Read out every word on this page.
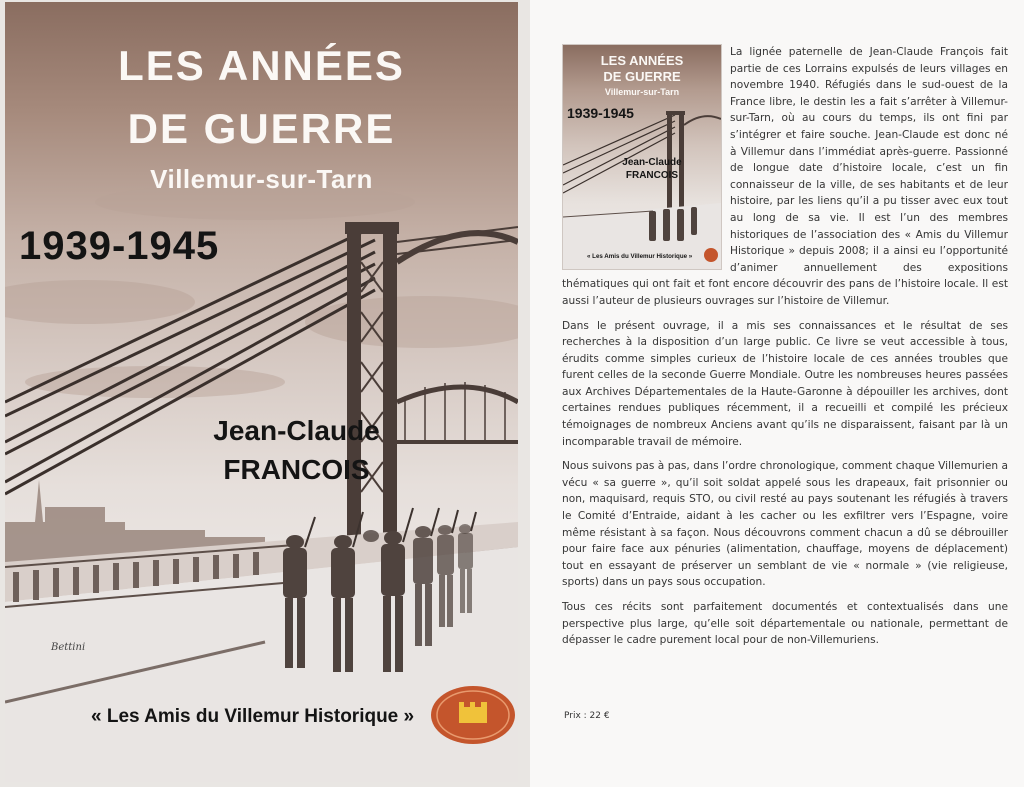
LES ANNÉES
DE GUERRE
Villemur-sur-Tarn
1939-1945
Jean-Claude
FRANCOIS
Bettini
« Les Amis du Villemur Historique »
LES ANNÉES
DE GUERRE
Villemur-sur-Tarn
1939-1945
Jean-Claude
FRANCOIS
« Les Amis du Villemur Historique »

La lignée paternelle de Jean-Claude François fait partie de ces Lorrains expulsés de leurs villages en novembre 1940. Réfugiés dans le sud-ouest de la France libre, le destin les a fait s’arrêter à Villemur-sur-Tarn, où au cours du temps, ils ont fini par s’intégrer et faire souche. Jean-Claude est donc né à Villemur dans l’immédiat après-guerre. Passionné de longue date d’histoire locale, c’est un fin connaisseur de la ville, de ses habitants et de leur histoire, par les liens qu’il a pu tisser avec eux tout au long de sa vie. Il est l’un des membres historiques de l’association des « Amis du Villemur Historique » depuis 2008; il a ainsi eu l’opportunité d’animer annuellement des expositions thématiques qui ont fait et font encore découvrir des pans de l’histoire locale. Il est aussi l’auteur de plusieurs ouvrages sur l’histoire de Villemur.

Dans le présent ouvrage, il a mis ses connaissances et le résultat de ses recherches à la disposition d’un large public. Ce livre se veut accessible à tous, érudits comme simples curieux de l’histoire locale de ces années troubles que furent celles de la seconde Guerre Mondiale. Outre les nombreuses heures passées aux Archives Départementales de la Haute-Garonne à dépouiller les archives, dont certaines rendues publiques récemment, il a recueilli et compilé les précieux témoignages de nombreux Anciens avant qu’ils ne disparaissent, faisant par là un incomparable travail de mémoire.

Nous suivons pas à pas, dans l’ordre chronologique, comment chaque Villemurien a vécu « sa guerre », qu’il soit soldat appelé sous les drapeaux, fait prisonnier ou non, maquisard, requis STO, ou civil resté au pays soutenant les réfugiés à travers le Comité d’Entraide, aidant à les cacher ou les exfiltrer vers l’Espagne, voire même résistant à sa façon. Nous découvrons comment chacun a dû se débrouiller pour faire face aux pénuries (alimentation, chauffage, moyens de déplacement) tout en essayant de préserver un semblant de vie « normale » (vie religieuse, sports) dans un pays sous occupation.

Tous ces récits sont parfaitement documentés et contextualisés dans une perspective plus large, qu’elle soit départementale ou nationale, permettant de dépasser le cadre purement local pour de non-Villemuriens.

Prix : 22 €
